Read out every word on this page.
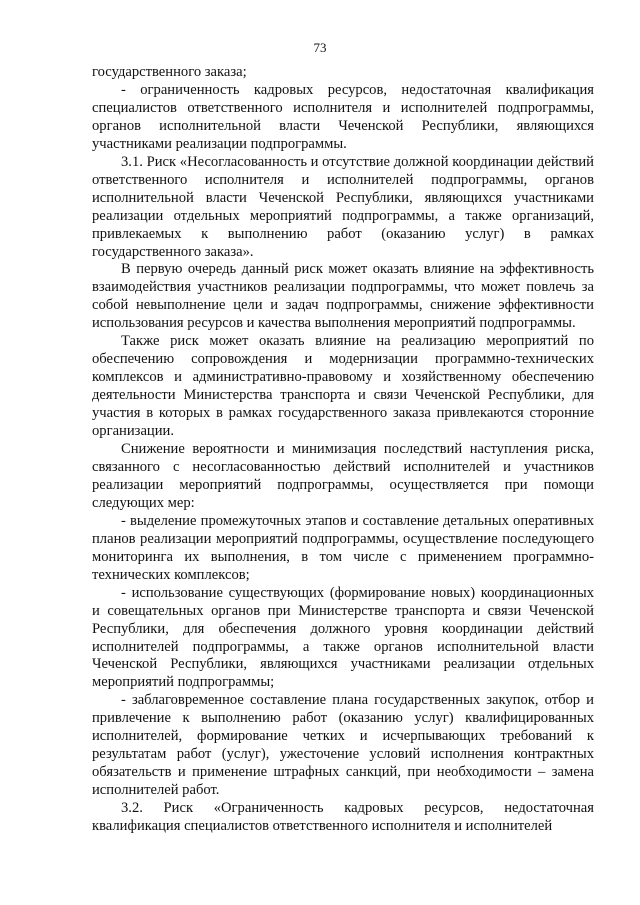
73

государственного заказа;

- ограниченность кадровых ресурсов, недостаточная квалификация специалистов ответственного исполнителя и исполнителей подпрограммы, органов исполнительной власти Чеченской Республики, являющихся участниками реализации подпрограммы.

3.1. Риск «Несогласованность и отсутствие должной координации действий ответственного исполнителя и исполнителей подпрограммы, органов исполнительной власти Чеченской Республики, являющихся участниками реализации отдельных мероприятий подпрограммы, а также организаций, привлекаемых к выполнению работ (оказанию услуг) в рамках государственного заказа».

В первую очередь данный риск может оказать влияние на эффективность взаимодействия участников реализации подпрограммы, что может повлечь за собой невыполнение цели и задач подпрограммы, снижение эффективности использования ресурсов и качества выполнения мероприятий подпрограммы.

Также риск может оказать влияние на реализацию мероприятий по обеспечению сопровождения и модернизации программно-технических комплексов и административно-правовому и хозяйственному обеспечению деятельности Министерства транспорта и связи Чеченской Республики, для участия в которых в рамках государственного заказа привлекаются сторонние организации.

Снижение вероятности и минимизация последствий наступления риска, связанного с несогласованностью действий исполнителей и участников реализации мероприятий подпрограммы, осуществляется при помощи следующих мер:

- выделение промежуточных этапов и составление детальных оперативных планов реализации мероприятий подпрограммы, осуществление последующего мониторинга их выполнения, в том числе с применением программно-технических комплексов;

- использование существующих (формирование новых) координационных и совещательных органов при Министерстве транспорта и связи Чеченской Республики, для обеспечения должного уровня координации действий исполнителей подпрограммы, а также органов исполнительной власти Чеченской Республики, являющихся участниками реализации отдельных мероприятий подпрограммы;

- заблаговременное составление плана государственных закупок, отбор и привлечение к выполнению работ (оказанию услуг) квалифицированных исполнителей, формирование четких и исчерпывающих требований к результатам работ (услуг), ужесточение условий исполнения контрактных обязательств и применение штрафных санкций, при необходимости – замена исполнителей работ.

3.2. Риск «Ограниченность кадровых ресурсов, недостаточная квалификация специалистов ответственного исполнителя и исполнителей
